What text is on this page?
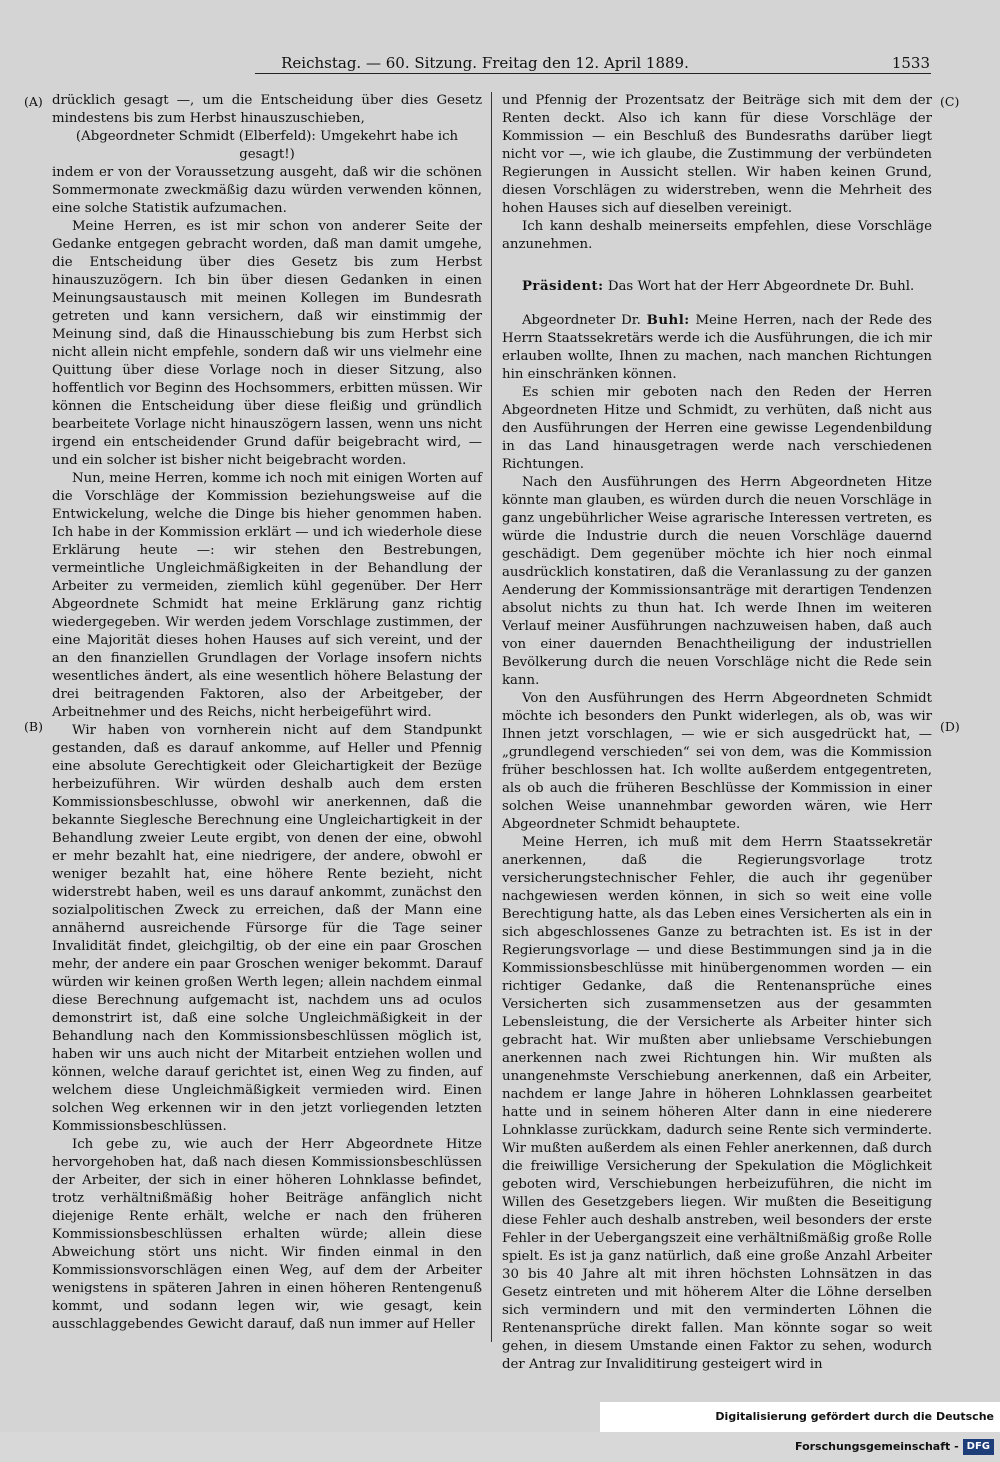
Reichstag. — 60. Sitzung. Freitag den 12. April 1889.	1533
(A)
(B)
(C)
(D)

drücklich gesagt —, um die Entscheidung über dies Gesetz mindestens bis zum Herbst hinauszuschieben,

(Abgeordneter Schmidt (Elberfeld): Umgekehrt habe ich gesagt!)

indem er von der Voraussetzung ausgeht, daß wir die schönen Sommermonate zweckmäßig dazu würden verwenden können, eine solche Statistik aufzumachen.

Meine Herren, es ist mir schon von anderer Seite der Gedanke entgegen gebracht worden, daß man damit umgehe, die Entscheidung über dies Gesetz bis zum Herbst hinauszuzögern. Ich bin über diesen Gedanken in einen Meinungsaustausch mit meinen Kollegen im Bundesrath getreten und kann versichern, daß wir einstimmig der Meinung sind, daß die Hinausschiebung bis zum Herbst sich nicht allein nicht empfehle, sondern daß wir uns vielmehr eine Quittung über diese Vorlage noch in dieser Sitzung, also hoffentlich vor Beginn des Hochsommers, erbitten müssen. Wir können die Entscheidung über diese fleißig und gründlich bearbeitete Vorlage nicht hinauszögern lassen, wenn uns nicht irgend ein entscheidender Grund dafür beigebracht wird, — und ein solcher ist bisher nicht beigebracht worden.

Nun, meine Herren, komme ich noch mit einigen Worten auf die Vorschläge der Kommission beziehungsweise auf die Entwickelung, welche die Dinge bis hieher genommen haben. Ich habe in der Kommission erklärt — und ich wiederhole diese Erklärung heute —: wir stehen den Bestrebungen, vermeintliche Ungleichmäßigkeiten in der Behandlung der Arbeiter zu vermeiden, ziemlich kühl gegenüber. Der Herr Abgeordnete Schmidt hat meine Erklärung ganz richtig wiedergegeben. Wir werden jedem Vorschlage zustimmen, der eine Majorität dieses hohen Hauses auf sich vereint, und der an den finanziellen Grundlagen der Vorlage insofern nichts wesentliches ändert, als eine wesentlich höhere Belastung der drei beitragenden Faktoren, also der Arbeitgeber, der Arbeitnehmer und des Reichs, nicht herbeigeführt wird.

Wir haben von vornherein nicht auf dem Standpunkt gestanden, daß es darauf ankomme, auf Heller und Pfennig eine absolute Gerechtigkeit oder Gleichartigkeit der Bezüge herbeizuführen. Wir würden deshalb auch dem ersten Kommissionsbeschlusse, obwohl wir anerkennen, daß die bekannte Sieglesche Berechnung eine Ungleichartigkeit in der Behandlung zweier Leute ergibt, von denen der eine, obwohl er mehr bezahlt hat, eine niedrigere, der andere, obwohl er weniger bezahlt hat, eine höhere Rente bezieht, nicht widerstrebt haben, weil es uns darauf ankommt, zunächst den sozialpolitischen Zweck zu erreichen, daß der Mann eine annähernd ausreichende Fürsorge für die Tage seiner Invalidität findet, gleichgiltig, ob der eine ein paar Groschen mehr, der andere ein paar Groschen weniger bekommt. Darauf würden wir keinen großen Werth legen; allein nachdem einmal diese Berechnung aufgemacht ist, nachdem uns ad oculos demonstrirt ist, daß eine solche Ungleichmäßigkeit in der Behandlung nach den Kommissionsbeschlüssen möglich ist, haben wir uns auch nicht der Mitarbeit entziehen wollen und können, welche darauf gerichtet ist, einen Weg zu finden, auf welchem diese Ungleichmäßigkeit vermieden wird. Einen solchen Weg erkennen wir in den jetzt vorliegenden letzten Kommissionsbeschlüssen.

Ich gebe zu, wie auch der Herr Abgeordnete Hitze hervorgehoben hat, daß nach diesen Kommissionsbeschlüssen der Arbeiter, der sich in einer höheren Lohnklasse befindet, trotz verhältnißmäßig hoher Beiträge anfänglich nicht diejenige Rente erhält, welche er nach den früheren Kommissionsbeschlüssen erhalten würde; allein diese Abweichung stört uns nicht. Wir finden einmal in den Kommissionsvorschlägen einen Weg, auf dem der Arbeiter wenigstens in späteren Jahren in einen höheren Rentengenuß kommt, und sodann legen wir, wie gesagt, kein ausschlaggebendes Gewicht darauf, daß nun immer auf Heller

und Pfennig der Prozentsatz der Beiträge sich mit dem der Renten deckt. Also ich kann für diese Vorschläge der Kommission — ein Beschluß des Bundesraths darüber liegt nicht vor —, wie ich glaube, die Zustimmung der verbündeten Regierungen in Aussicht stellen. Wir haben keinen Grund, diesen Vorschlägen zu widerstreben, wenn die Mehrheit des hohen Hauses sich auf dieselben vereinigt.

Ich kann deshalb meinerseits empfehlen, diese Vorschläge anzunehmen.

Präsident: Das Wort hat der Herr Abgeordnete Dr. Buhl.

Abgeordneter Dr. Buhl: Meine Herren, nach der Rede des Herrn Staatssekretärs werde ich die Ausführungen, die ich mir erlauben wollte, Ihnen zu machen, nach manchen Richtungen hin einschränken können.

Es schien mir geboten nach den Reden der Herren Abgeordneten Hitze und Schmidt, zu verhüten, daß nicht aus den Ausführungen der Herren eine gewisse Legendenbildung in das Land hinausgetragen werde nach verschiedenen Richtungen.

Nach den Ausführungen des Herrn Abgeordneten Hitze könnte man glauben, es würden durch die neuen Vorschläge in ganz ungebührlicher Weise agrarische Interessen vertreten, es würde die Industrie durch die neuen Vorschläge dauernd geschädigt. Dem gegenüber möchte ich hier noch einmal ausdrücklich konstatiren, daß die Veranlassung zu der ganzen Aenderung der Kommissionsanträge mit derartigen Tendenzen absolut nichts zu thun hat. Ich werde Ihnen im weiteren Verlauf meiner Ausführungen nachzuweisen haben, daß auch von einer dauernden Benachtheiligung der industriellen Bevölkerung durch die neuen Vorschläge nicht die Rede sein kann.

Von den Ausführungen des Herrn Abgeordneten Schmidt möchte ich besonders den Punkt widerlegen, als ob, was wir Ihnen jetzt vorschlagen, — wie er sich ausgedrückt hat, — „grundlegend verschieden“ sei von dem, was die Kommission früher beschlossen hat. Ich wollte außerdem entgegentreten, als ob auch die früheren Beschlüsse der Kommission in einer solchen Weise unannehmbar geworden wären, wie Herr Abgeordneter Schmidt behauptete.

Meine Herren, ich muß mit dem Herrn Staatssekretär anerkennen, daß die Regierungsvorlage trotz versicherungstechnischer Fehler, die auch ihr gegenüber nachgewiesen werden können, in sich so weit eine volle Berechtigung hatte, als das Leben eines Versicherten als ein in sich abgeschlossenes Ganze zu betrachten ist. Es ist in der Regierungsvorlage — und diese Bestimmungen sind ja in die Kommissionsbeschlüsse mit hinübergenommen worden — ein richtiger Gedanke, daß die Rentenansprüche eines Versicherten sich zusammensetzen aus der gesammten Lebensleistung, die der Versicherte als Arbeiter hinter sich gebracht hat. Wir mußten aber unliebsame Verschiebungen anerkennen nach zwei Richtungen hin. Wir mußten als unangenehmste Verschiebung anerkennen, daß ein Arbeiter, nachdem er lange Jahre in höheren Lohnklassen gearbeitet hatte und in seinem höheren Alter dann in eine niederere Lohnklasse zurückkam, dadurch seine Rente sich verminderte. Wir mußten außerdem als einen Fehler anerkennen, daß durch die freiwillige Versicherung der Spekulation die Möglichkeit geboten wird, Verschiebungen herbeizuführen, die nicht im Willen des Gesetzgebers liegen. Wir mußten die Beseitigung diese Fehler auch deshalb anstreben, weil besonders der erste Fehler in der Uebergangszeit eine verhältnißmäßig große Rolle spielt. Es ist ja ganz natürlich, daß eine große Anzahl Arbeiter 30 bis 40 Jahre alt mit ihren höchsten Lohnsätzen in das Gesetz eintreten und mit höherem Alter die Löhne derselben sich vermindern und mit den verminderten Löhnen die Rentenansprüche direkt fallen. Man könnte sogar so weit gehen, in diesem Umstande einen Faktor zu sehen, wodurch der Antrag zur Invaliditirung gesteigert wird in

Digitalisierung gefördert durch die Deutsche Forschungsgemeinschaft - DFG
